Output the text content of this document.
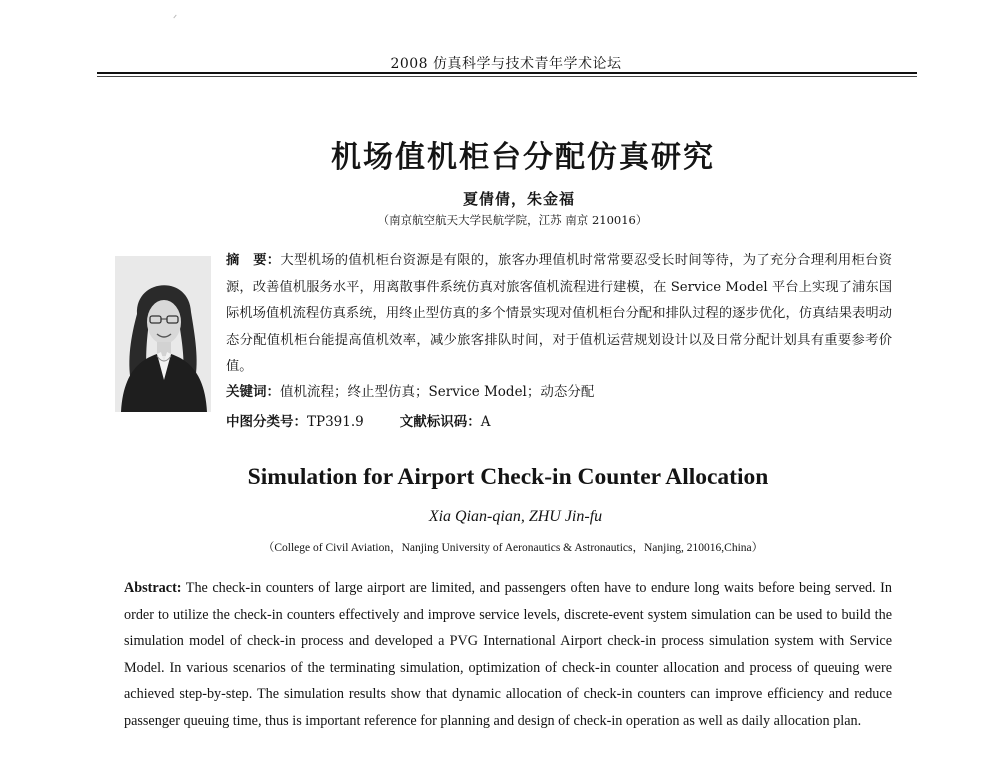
2008 仿真科学与技术青年学术论坛
机场值机柜台分配仿真研究
夏倩倩，朱金福
（南京航空航天大学民航学院，江苏 南京 210016）
摘　要：大型机场的值机柜台资源是有限的，旅客办理值机时常常要忍受长时间等待，为了充分合理利用柜台资源，改善值机服务水平，用离散事件系统仿真对旅客值机流程进行建模，在 Service Model 平台上实现了浦东国际机场值机流程仿真系统，用终止型仿真的多个情景实现对值机柜台分配和排队过程的逐步优化，仿真结果表明动态分配值机柜台能提高值机效率，减少旅客排队时间，对于值机运营规划设计以及日常分配计划具有重要参考价值。
关键词：值机流程；终止型仿真；Service Model；动态分配
中图分类号：TP391.9	文献标识码：A
Simulation for Airport Check-in Counter Allocation
Xia Qian-qian, ZHU Jin-fu
（College of Civil Aviation，Nanjing University of Aeronautics & Astronautics，Nanjing, 210016,China）
Abstract: The check-in counters of large airport are limited, and passengers often have to endure long waits before being served. In order to utilize the check-in counters effectively and improve service levels, discrete-event system simulation can be used to build the simulation model of check-in process and developed a PVG International Airport check-in process simulation system with Service Model. In various scenarios of the terminating simulation, optimization of check-in counter allocation and process of queuing were achieved step-by-step. The simulation results show that dynamic allocation of check-in counters can improve efficiency and reduce passenger queuing time, thus is important reference for planning and design of check-in operation as well as daily allocation plan.
